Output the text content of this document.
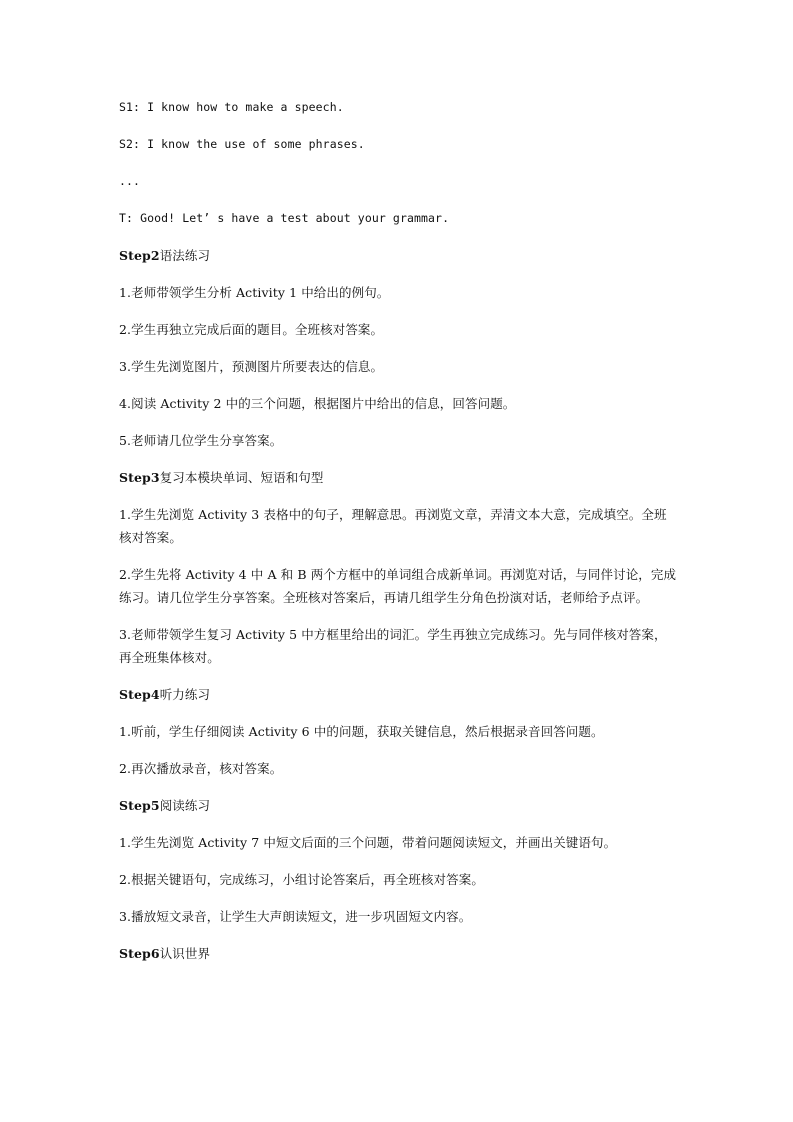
S1: I know how to make a speech.

S2: I know the use of some phrases.

...

T: Good! Let’ s have a test about your grammar.

Step2语法练习

1.老师带领学生分析 Activity 1 中给出的例句。

2.学生再独立完成后面的题目。全班核对答案。

3.学生先浏览图片，预测图片所要表达的信息。

4.阅读 Activity 2 中的三个问题，根据图片中给出的信息，回答问题。

5.老师请几位学生分享答案。

Step3复习本模块单词、短语和句型

1.学生先浏览 Activity 3 表格中的句子，理解意思。再浏览文章，弄清文本大意，完成填空。全班核对答案。

2.学生先将 Activity 4 中 A 和 B 两个方框中的单词组合成新单词。再浏览对话，与同伴讨论，完成练习。请几位学生分享答案。全班核对答案后，再请几组学生分角色扮演对话，老师给予点评。

3.老师带领学生复习 Activity 5 中方框里给出的词汇。学生再独立完成练习。先与同伴核对答案，再全班集体核对。

Step4听力练习

1.听前，学生仔细阅读 Activity 6 中的问题，获取关键信息，然后根据录音回答问题。

2.再次播放录音，核对答案。

Step5阅读练习

1.学生先浏览 Activity 7 中短文后面的三个问题，带着问题阅读短文，并画出关键语句。

2.根据关键语句，完成练习，小组讨论答案后，再全班核对答案。

3.播放短文录音，让学生大声朗读短文，进一步巩固短文内容。

Step6认识世界
